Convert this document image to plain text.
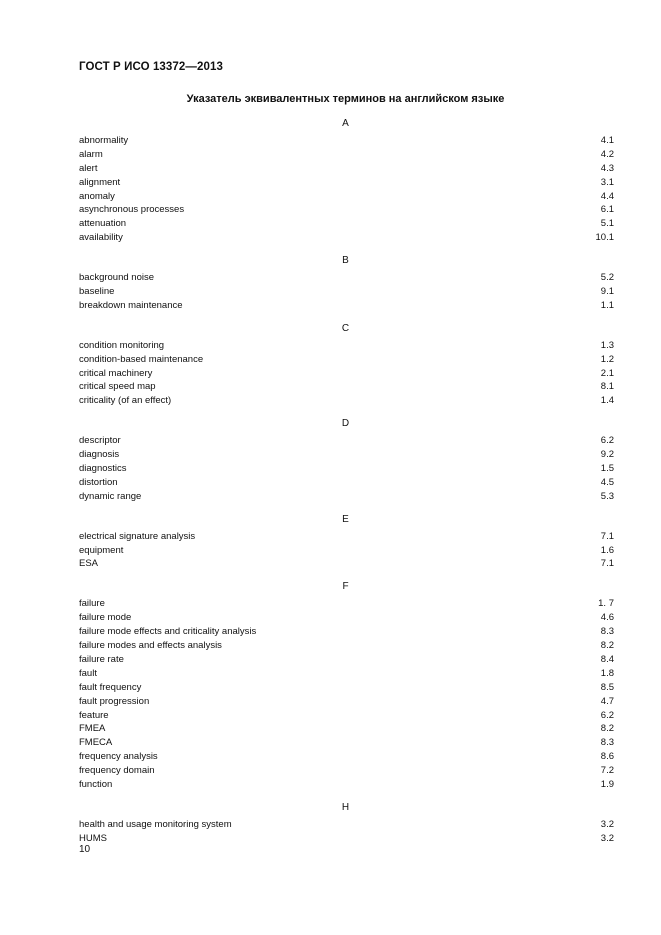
ГОСТ Р ИСО 13372—2013
Указатель эквивалентных терминов на английском языке
A
abnormality	4.1
alarm	4.2
alert	4.3
alignment	3.1
anomaly	4.4
asynchronous processes	6.1
attenuation	5.1
availability	10.1
B
background noise	5.2
baseline	9.1
breakdown maintenance	1.1
C
condition monitoring	1.3
condition-based maintenance	1.2
critical machinery	2.1
critical speed map	8.1
criticality (of an effect)	1.4
D
descriptor	6.2
diagnosis	9.2
diagnostics	1.5
distortion	4.5
dynamic range	5.3
E
electrical signature analysis	7.1
equipment	1.6
ESA	7.1
F
failure	1. 7
failure mode	4.6
failure mode effects and criticality analysis	8.3
failure modes and effects analysis	8.2
failure rate	8.4
fault	1.8
fault frequency	8.5
fault progression	4.7
feature	6.2
FMEA	8.2
FMECA	8.3
frequency analysis	8.6
frequency domain	7.2
function	1.9
H
health and usage monitoring system	3.2
HUMS	3.2
10
